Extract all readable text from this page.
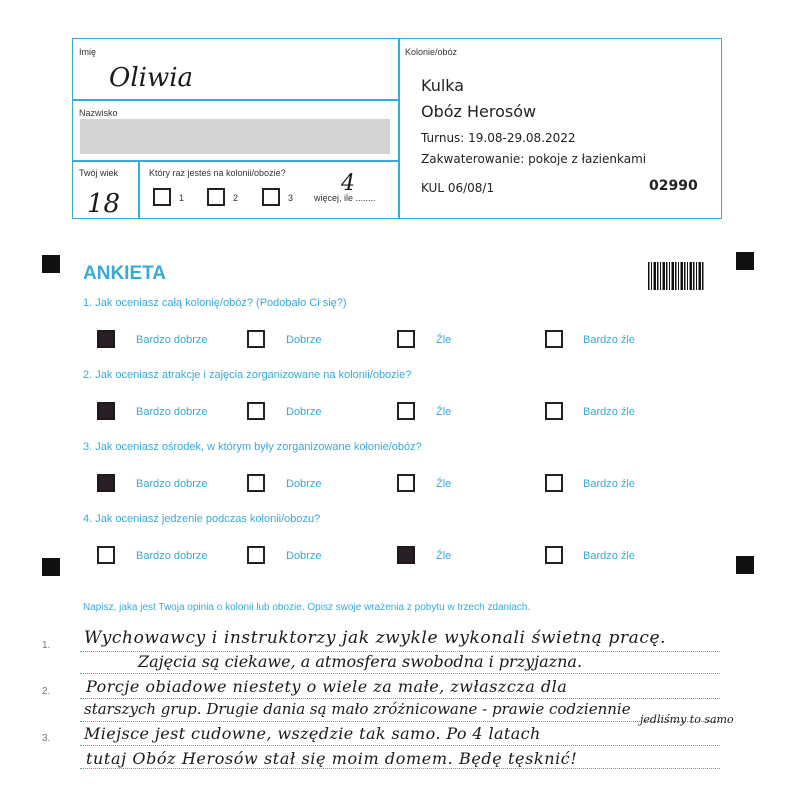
Imię
Oliwia
Nazwisko
Twój wiek
18
Który raz jesteś na kolonii/obozie?
1	2	3 więcej, ile ........
4
Kolonie/obóz
Kulka
Obóz Herosów
Turnus: 19.08-29.08.2022
Zakwaterowanie: pokoje z łazienkami
KUL 06/08/1	02990
ANKIETA
1. Jak oceniasz całą kolonię/obóz? (Podobało Ci się?)
Bardzo dobrze	Dobrze	Źle	Bardzo źle
2. Jak oceniasz atrakcje i zajęcia zorganizowane na kolonii/obozie?
Bardzo dobrze	Dobrze	Źle	Bardzo źle
3. Jak oceniasz ośrodek, w którym były zorganizowane kolonie/obóz?
Bardzo dobrze	Dobrze	Źle	Bardzo źle
4. Jak oceniasz jedzenie podczas kolonii/obozu?
Bardzo dobrze	Dobrze	Źle	Bardzo źle
Napisz, jaka jest Twoja opinia o kolonii lub obozie. Opisz swoje wrażenia z pobytu w trzech zdaniach.
1.
2.
3.
Wychowawcy i instruktorzy jak zwykle wykonali świetną pracę.
Zajęcia są ciekawe, a atmosfera swobodna i przyjazna.
Porcje obiadowe niestety o wiele za małe, zwłaszcza dla
starszych grup. Drugie dania są mało zróżnicowane - prawie codziennie
Miejsce jest cudowne, wszędzie tak samo. Po 4 latach
jedliśmy to samo
tutaj Obóz Herosów stał się moim domem. Będę tęsknić!
